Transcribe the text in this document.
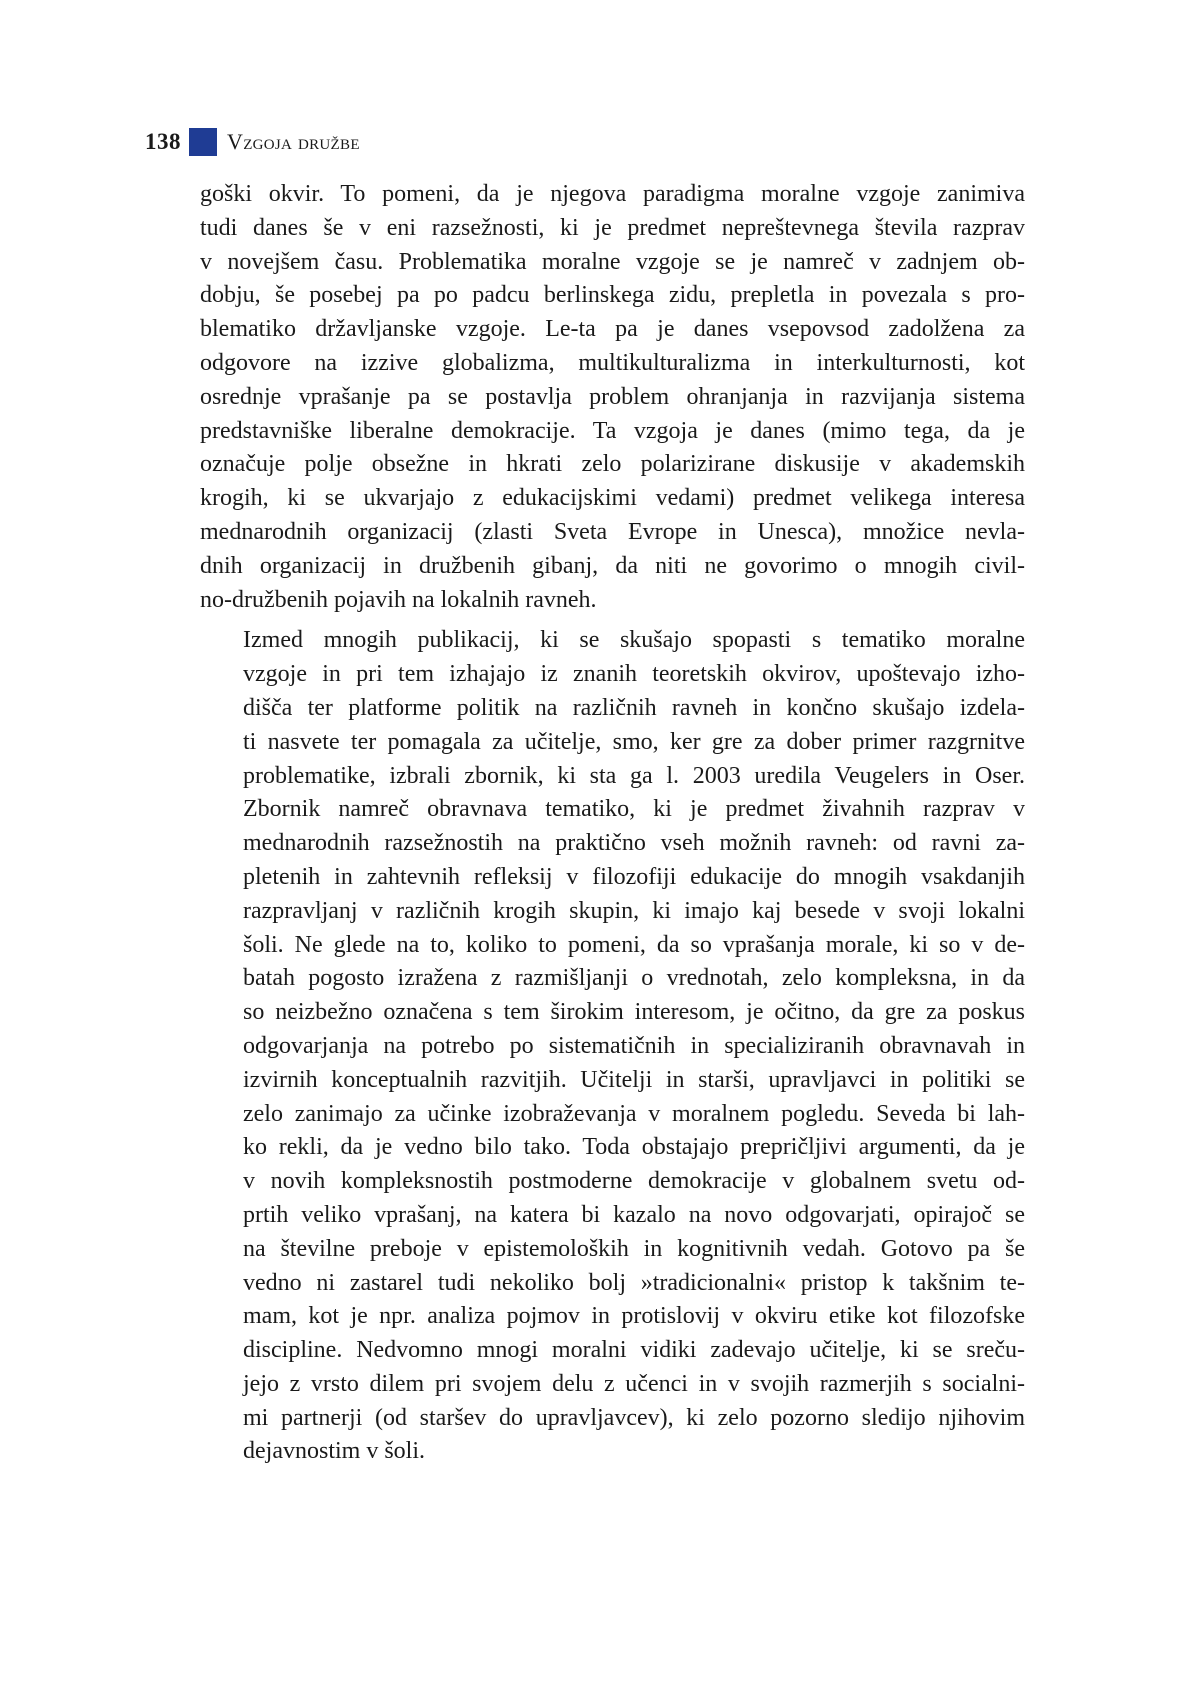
138 Vzgoja družbe

goški okvir. To pomeni, da je njegova paradigma moralne vzgoje zanimiva
tudi danes še v eni razsežnosti, ki je predmet nepreštevnega števila razprav
v novejšem času. Problematika moralne vzgoje se je namreč v zadnjem ob-
dobju, še posebej pa po padcu berlinskega zidu, prepletla in povezala s pro-
blematiko državljanske vzgoje. Le-ta pa je danes vsepovsod zadolžena za
odgovore na izzive globalizma, multikulturalizma in interkulturnosti, kot
osrednje vprašanje pa se postavlja problem ohranjanja in razvijanja sistema
predstavniške liberalne demokracije. Ta vzgoja je danes (mimo tega, da je
označuje polje obsežne in hkrati zelo polarizirane diskusije v akademskih
krogih, ki se ukvarjajo z edukacijskimi vedami) predmet velikega interesa
mednarodnih organizacij (zlasti Sveta Evrope in Unesca), množice nevla-
dnih organizacij in družbenih gibanj, da niti ne govorimo o mnogih civil-
no-družbenih pojavih na lokalnih ravneh.

Izmed mnogih publikacij, ki se skušajo spopasti s tematiko moralne
vzgoje in pri tem izhajajo iz znanih teoretskih okvirov, upoštevajo izho-
dišča ter platforme politik na različnih ravneh in končno skušajo izdela-
ti nasvete ter pomagala za učitelje, smo, ker gre za dober primer razgrnitve
problematike, izbrali zbornik, ki sta ga l. 2003 uredila Veugelers in Oser.
Zbornik namreč obravnava tematiko, ki je predmet živahnih razprav v
mednarodnih razsežnostih na praktično vseh možnih ravneh: od ravni za-
pletenih in zahtevnih refleksij v filozofiji edukacije do mnogih vsakdanjih
razpravljanj v različnih krogih skupin, ki imajo kaj besede v svoji lokalni
šoli. Ne glede na to, koliko to pomeni, da so vprašanja morale, ki so v de-
batah pogosto izražena z razmišljanji o vrednotah, zelo kompleksna, in da
so neizbežno označena s tem širokim interesom, je očitno, da gre za poskus
odgovarjanja na potrebo po sistematičnih in specializiranih obravnavah in
izvirnih konceptualnih razvitjih. Učitelji in starši, upravljavci in politiki se
zelo zanimajo za učinke izobraževanja v moralnem pogledu. Seveda bi lah-
ko rekli, da je vedno bilo tako. Toda obstajajo prepričljivi argumenti, da je
v novih kompleksnostih postmoderne demokracije v globalnem svetu od-
prtih veliko vprašanj, na katera bi kazalo na novo odgovarjati, opirajoč se
na številne preboje v epistemoloških in kognitivnih vedah. Gotovo pa še
vedno ni zastarel tudi nekoliko bolj »tradicionalni« pristop k takšnim te-
mam, kot je npr. analiza pojmov in protislovij v okviru etike kot filozofske
discipline. Nedvomno mnogi moralni vidiki zadevajo učitelje, ki se sreču-
jejo z vrsto dilem pri svojem delu z učenci in v svojih razmerjih s socialni-
mi partnerji (od staršev do upravljavcev), ki zelo pozorno sledijo njihovim
dejavnostim v šoli.
